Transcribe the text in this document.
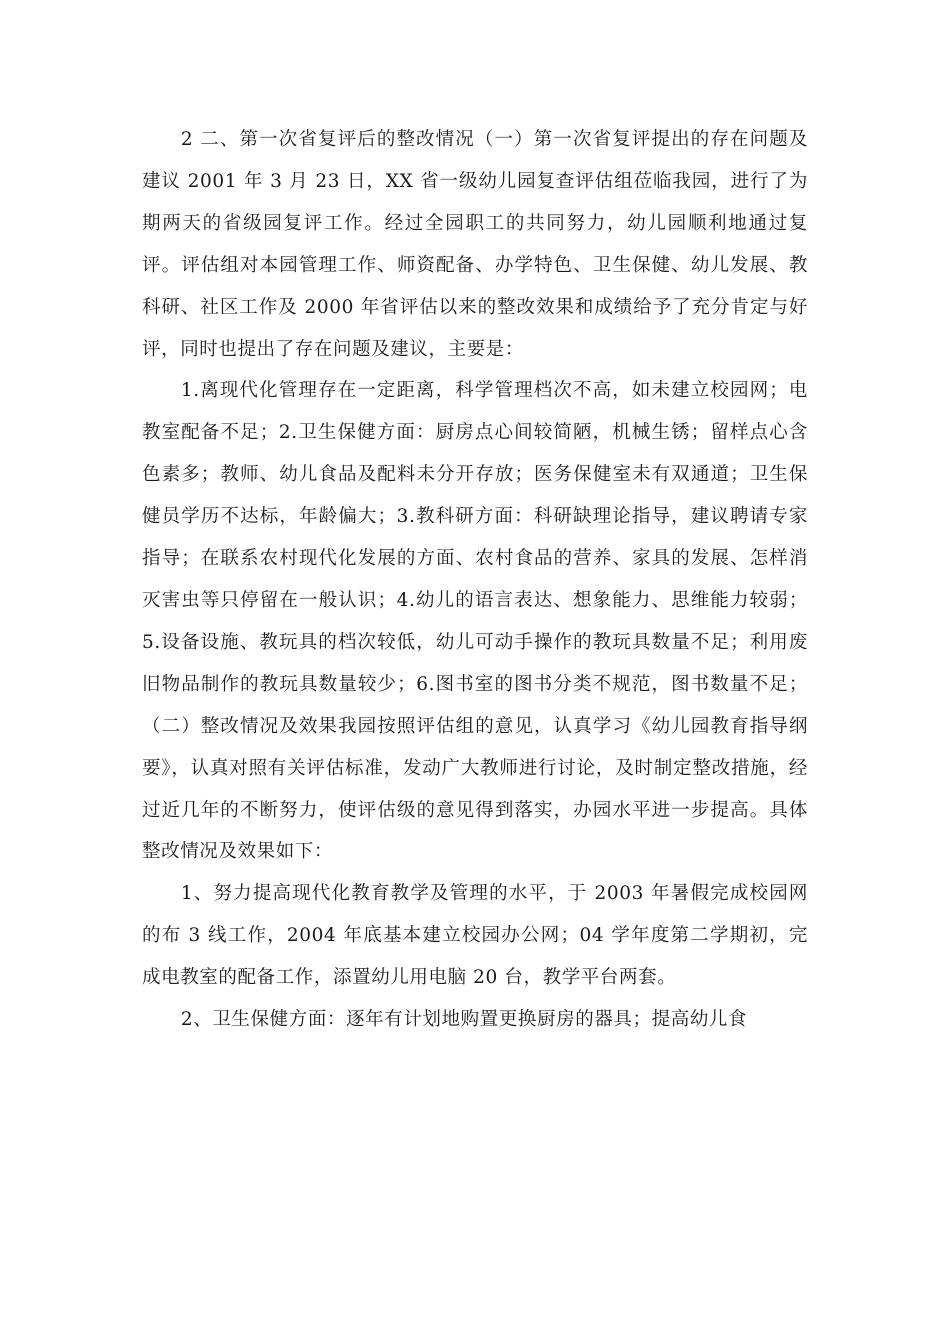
2 二、第一次省复评后的整改情况（一）第一次省复评提出的存在问题及建议 2001 年 3 月 23 日，XX 省一级幼儿园复查评估组莅临我园，进行了为期两天的省级园复评工作。经过全园职工的共同努力，幼儿园顺利地通过复评。评估组对本园管理工作、师资配备、办学特色、卫生保健、幼儿发展、教科研、社区工作及 2000 年省评估以来的整改效果和成绩给予了充分肯定与好评，同时也提出了存在问题及建议，主要是：

1.离现代化管理存在一定距离，科学管理档次不高，如未建立校园网；电教室配备不足；2.卫生保健方面：厨房点心间较简陋，机械生锈；留样点心含色素多；教师、幼儿食品及配料未分开存放；医务保健室未有双通道；卫生保健员学历不达标，年龄偏大；3.教科研方面：科研缺理论指导，建议聘请专家指导；在联系农村现代化发展的方面、农村食品的营养、家具的发展、怎样消灭害虫等只停留在一般认识；4.幼儿的语言表达、想象能力、思维能力较弱；5.设备设施、教玩具的档次较低，幼儿可动手操作的教玩具数量不足；利用废旧物品制作的教玩具数量较少；6.图书室的图书分类不规范，图书数量不足；（二）整改情况及效果我园按照评估组的意见，认真学习《幼儿园教育指导纲要》，认真对照有关评估标准，发动广大教师进行讨论，及时制定整改措施，经过近几年的不断努力，使评估级的意见得到落实，办园水平进一步提高。具体整改情况及效果如下：

1、努力提高现代化教育教学及管理的水平，于 2003 年暑假完成校园网的布 3 线工作，2004 年底基本建立校园办公网；04 学年度第二学期初，完成电教室的配备工作，添置幼儿用电脑 20 台，教学平台两套。

2、卫生保健方面：逐年有计划地购置更换厨房的器具；提高幼儿食
